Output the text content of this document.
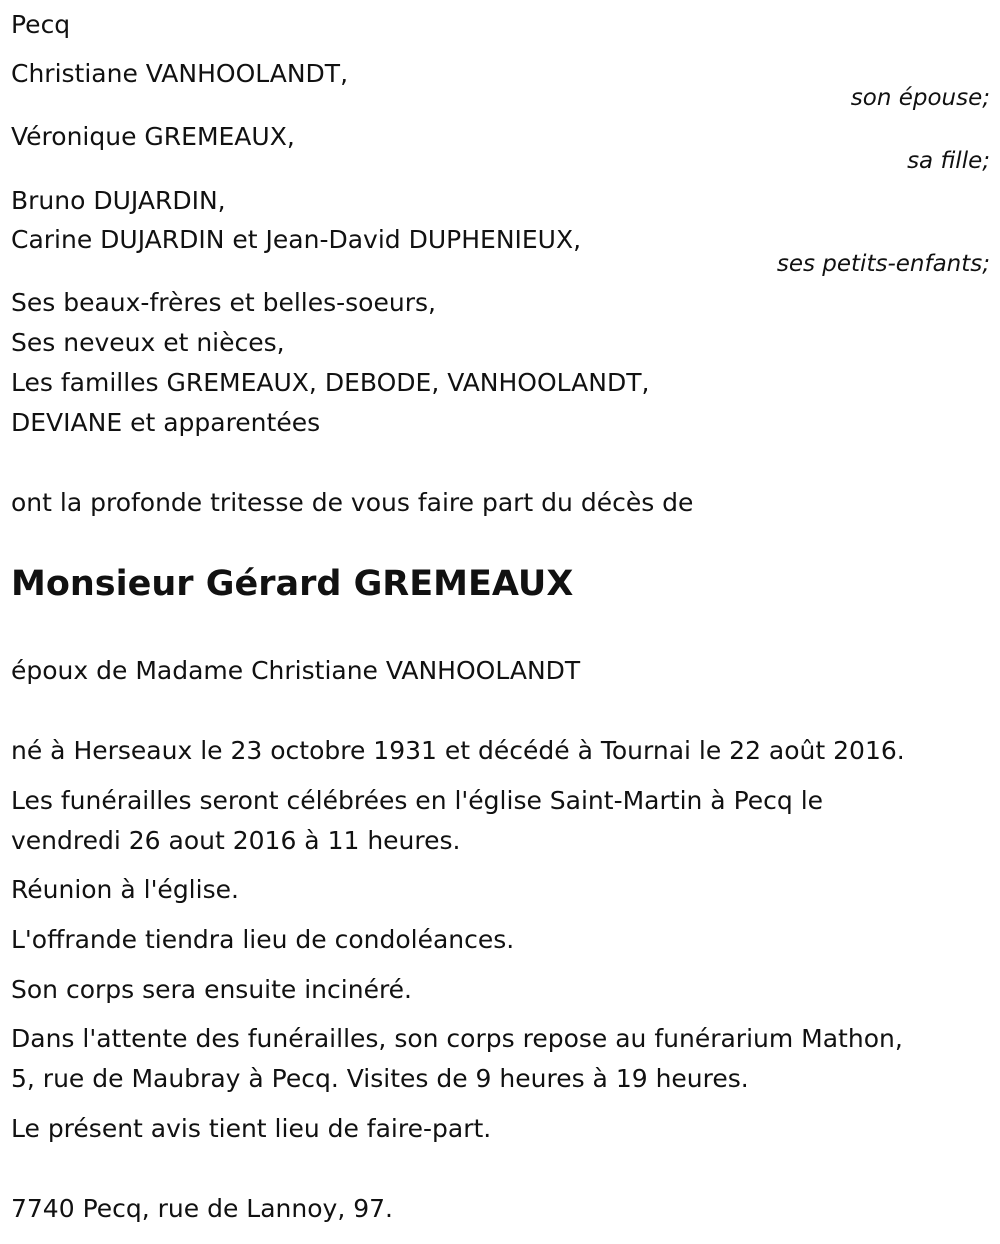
Pecq
Christiane VANHOOLANDT,
son épouse;
Véronique GREMEAUX,
sa fille;
Bruno DUJARDIN,
Carine DUJARDIN et Jean-David DUPHENIEUX,
ses petits-enfants;
Ses beaux-frères et belles-soeurs,
Ses neveux et nièces,
Les familles GREMEAUX, DEBODE, VANHOOLANDT,
DEVIANE et apparentées
ont la profonde tritesse de vous faire part du décès de
Monsieur Gérard GREMEAUX
époux de Madame Christiane VANHOOLANDT
né à Herseaux le 23 octobre 1931 et décédé à Tournai le 22 août 2016.
Les funérailles seront célébrées en l'église Saint-Martin à Pecq le
vendredi 26 aout 2016 à 11 heures.
Réunion à l'église.
L'offrande tiendra lieu de condoléances.
Son corps sera ensuite incinéré.
Dans l'attente des funérailles, son corps repose au funérarium Mathon,
5, rue de Maubray à Pecq. Visites de 9 heures à 19 heures.
Le présent avis tient lieu de faire-part.
7740 Pecq, rue de Lannoy, 97.
